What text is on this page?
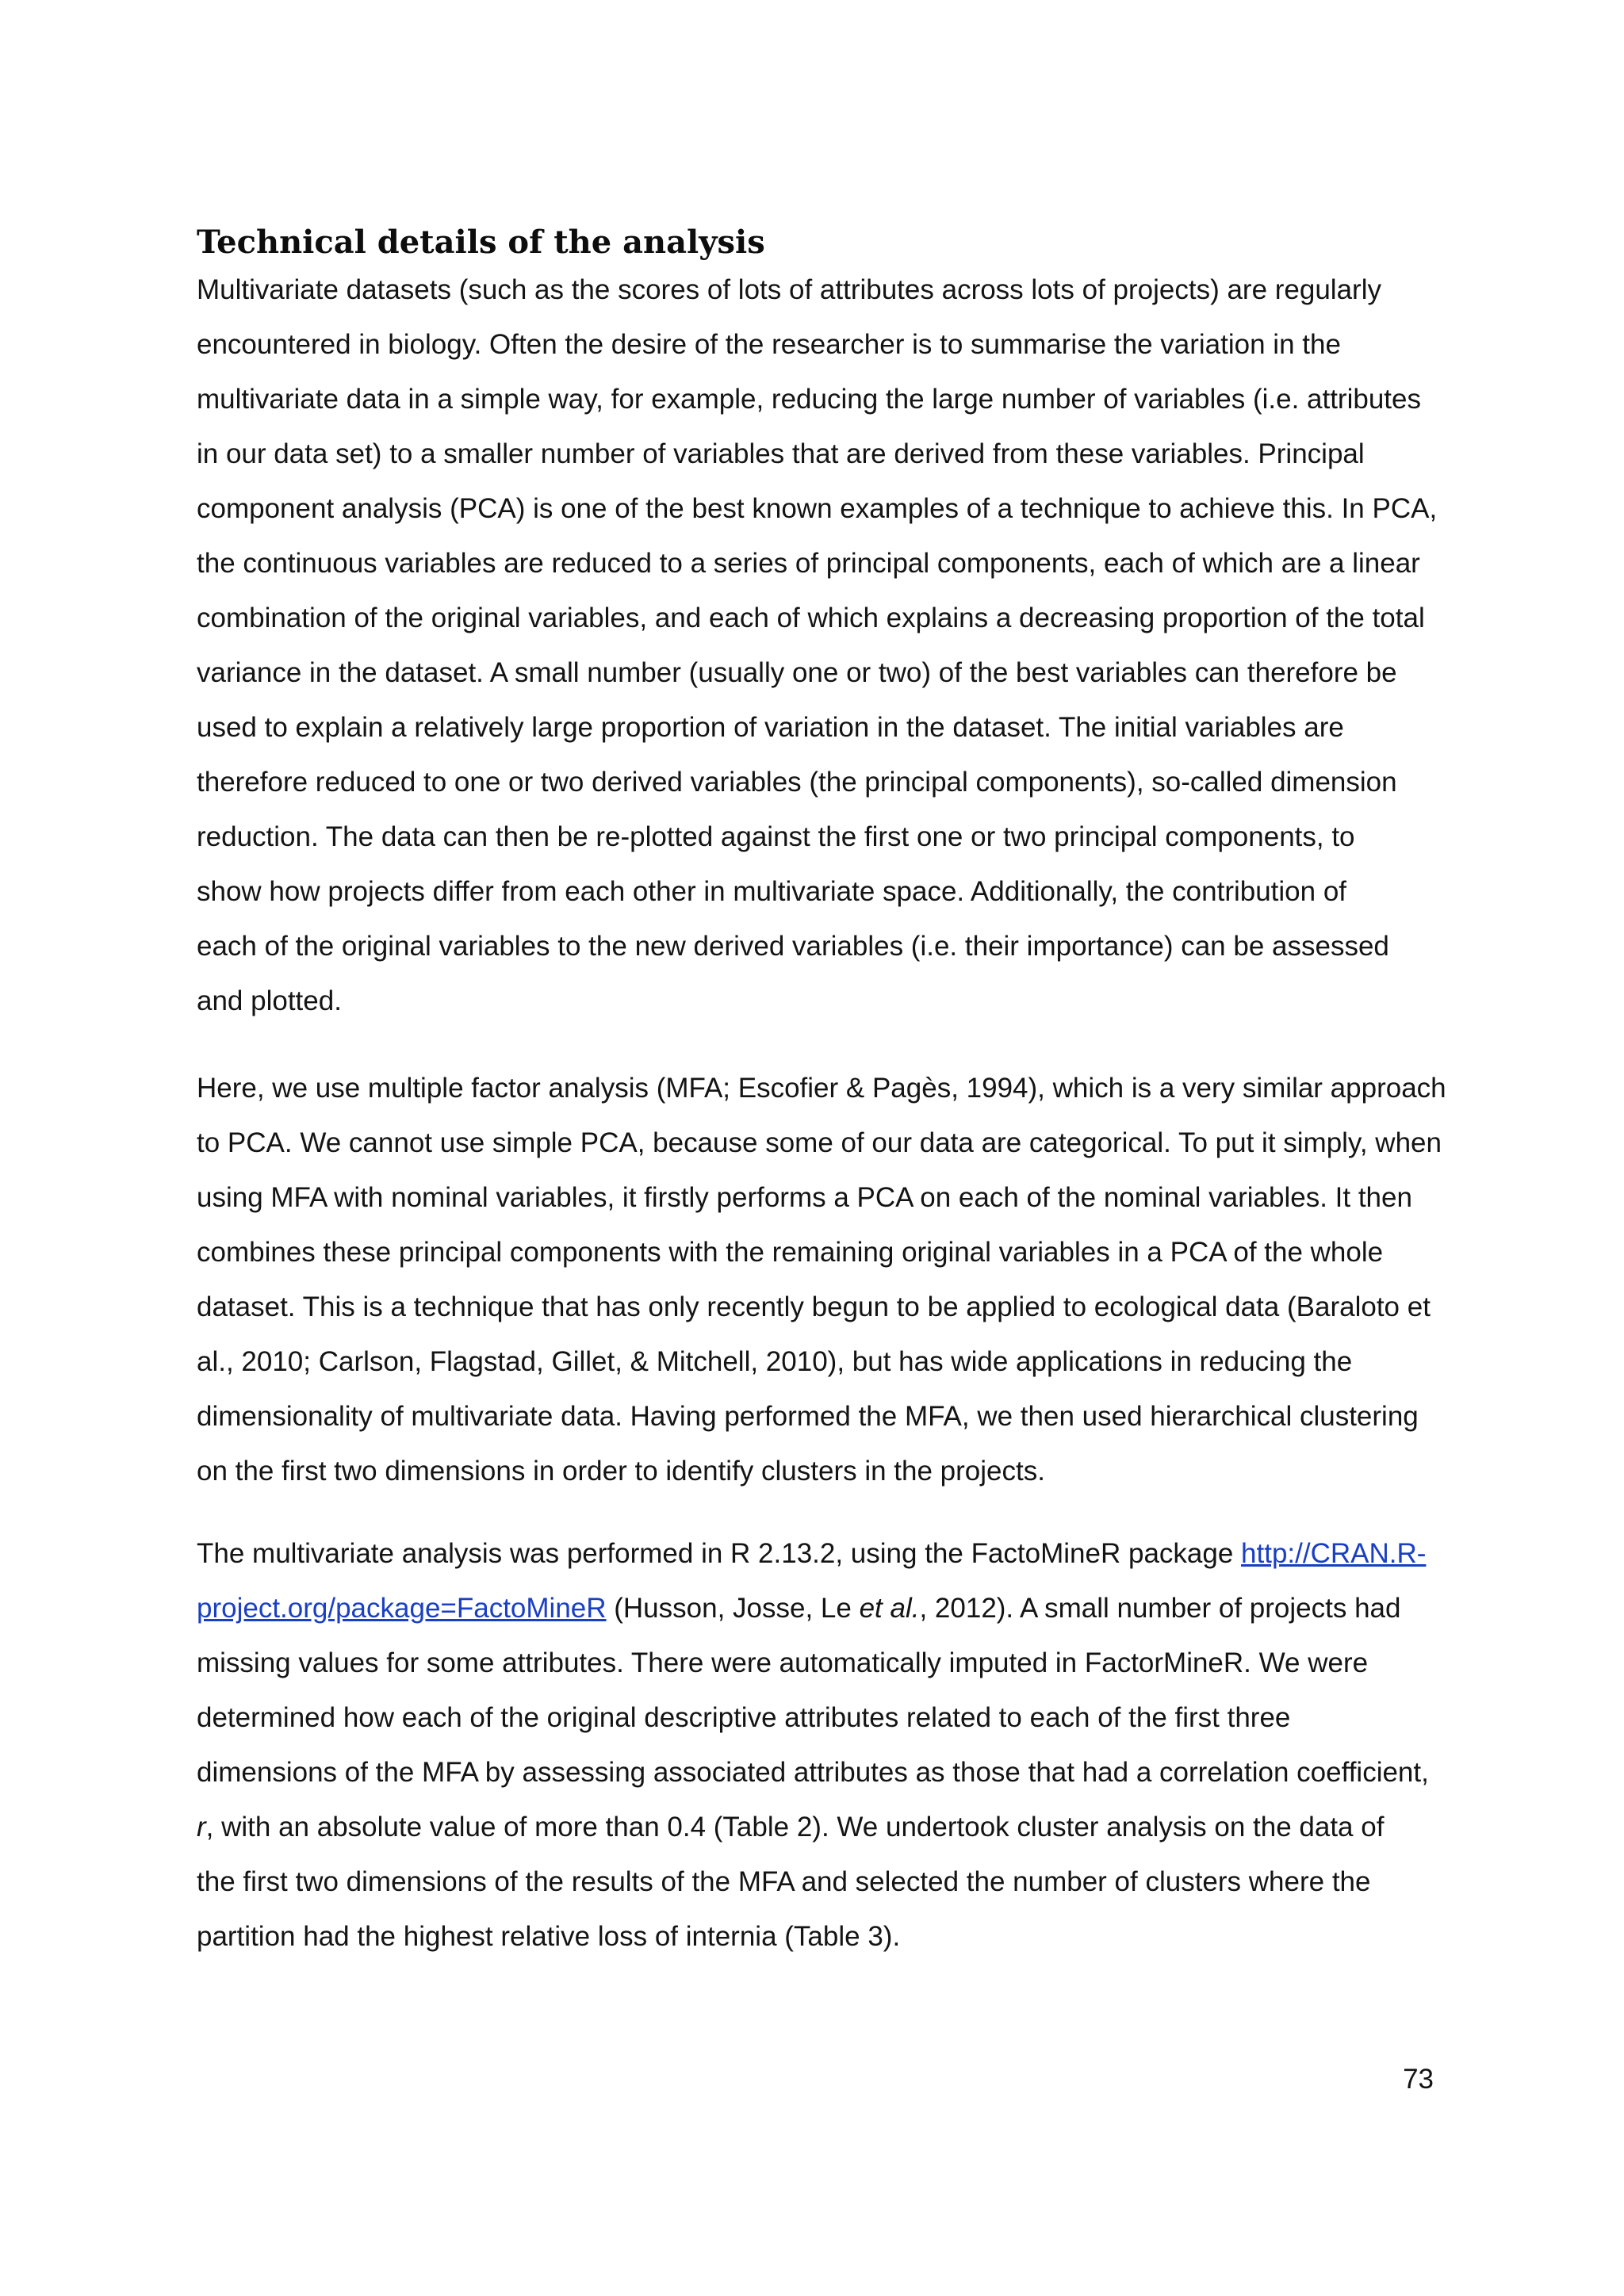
Technical details of the analysis
Multivariate datasets (such as the scores of lots of attributes across lots of projects) are regularly
encountered in biology. Often the desire of the researcher is to summarise the variation in the
multivariate data in a simple way, for example, reducing the large number of variables (i.e. attributes
in our data set) to a smaller number of variables that are derived from these variables. Principal
component analysis (PCA) is one of the best known examples of a technique to achieve this. In PCA,
the continuous variables are reduced to a series of principal components, each of which are a linear
combination of the original variables, and each of which explains a decreasing proportion of the total
variance in the dataset. A small number (usually one or two) of the best variables can therefore be
used to explain a relatively large proportion of variation in the dataset. The initial variables are
therefore reduced to one or two derived variables (the principal components), so-called dimension
reduction. The data can then be re-plotted against the first one or two principal components, to
show how projects differ from each other in multivariate space. Additionally, the contribution of
each of the original variables to the new derived variables (i.e. their importance) can be assessed
and plotted.
Here, we use multiple factor analysis (MFA; Escofier & Pagès, 1994), which is a very similar approach
to PCA. We cannot use simple PCA, because some of our data are categorical. To put it simply, when
using MFA with nominal variables, it firstly performs a PCA on each of the nominal variables. It then
combines these principal components with the remaining original variables in a PCA of the whole
dataset. This is a technique that has only recently begun to be applied to ecological data (Baraloto et
al., 2010; Carlson, Flagstad, Gillet, & Mitchell, 2010), but has wide applications in reducing the
dimensionality of multivariate data. Having performed the MFA, we then used hierarchical clustering
on the first two dimensions in order to identify clusters in the projects.
The multivariate analysis was performed in R 2.13.2, using the FactoMineR package http://CRAN.R-
project.org/package=FactoMineR (Husson, Josse, Le et al., 2012). A small number of projects had
missing values for some attributes. There were automatically imputed in FactorMineR. We were
determined how each of the original descriptive attributes related to each of the first three
dimensions of the MFA by assessing associated attributes as those that had a correlation coefficient,
r, with an absolute value of more than 0.4 (Table 2). We undertook cluster analysis on the data of
the first two dimensions of the results of the MFA and selected the number of clusters where the
partition had the highest relative loss of internia (Table 3).
73
